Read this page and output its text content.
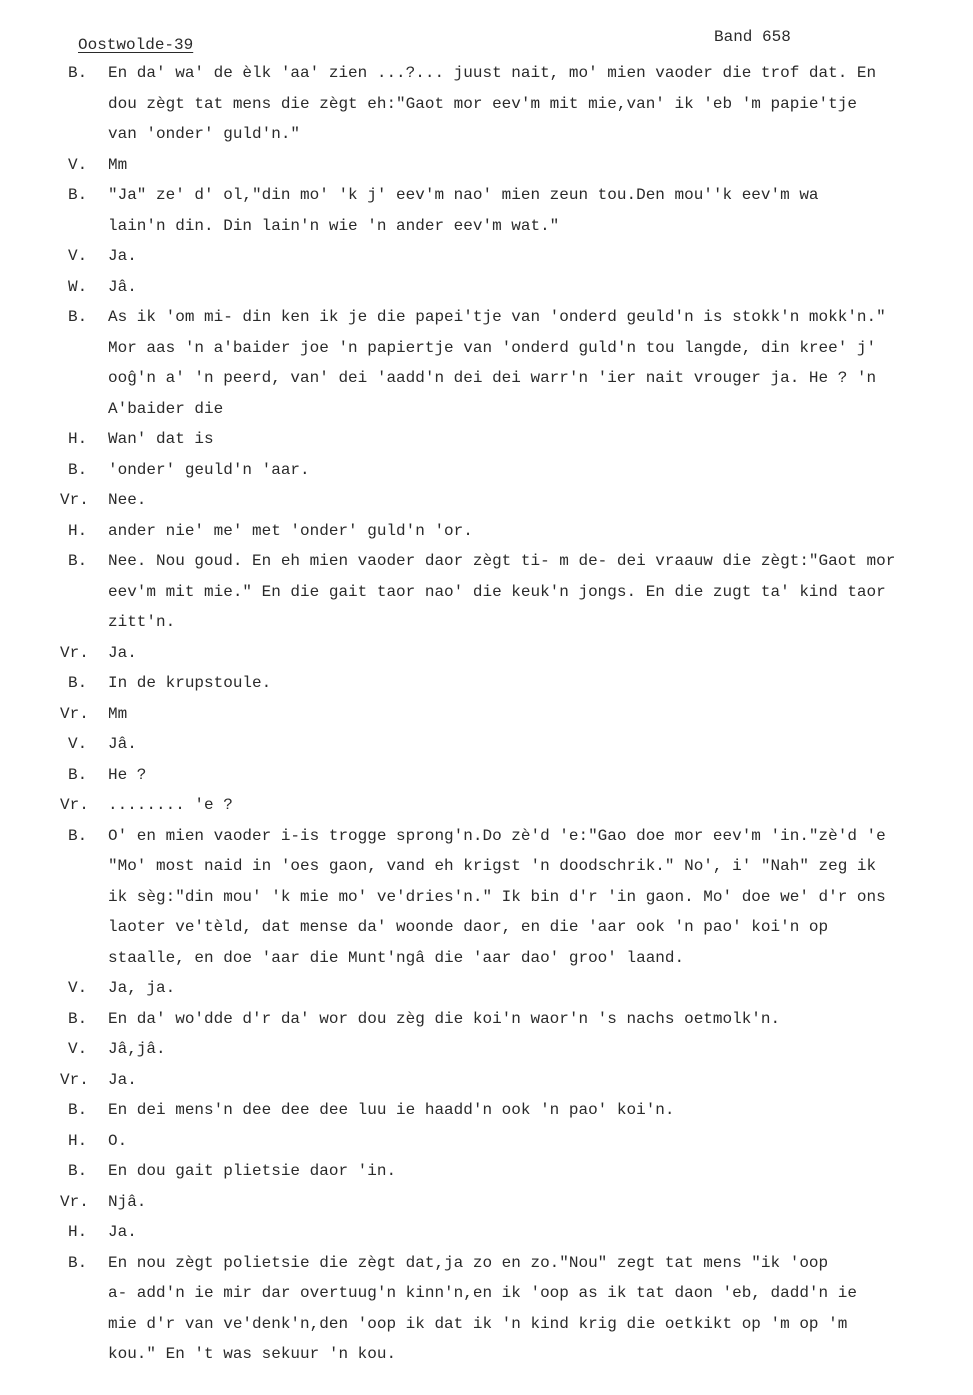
Oostwolde-39	Band 658
B.	En da' wa' de èlk 'aa' zien ...?... juust nait, mo' mien vaoder die trof dat. En
dou zègt tat mens die zègt eh:"Gaot mor eev'm mit mie,van' ik 'eb 'm papie'tje
van 'onder' guld'n."
V.	Mm
B.	"Ja" ze' d' ol,"din mo' 'k j' eev'm nao' mien zeun tou.Den mou''k eev'm wa
lain'n din. Din lain'n wie 'n ander eev'm wat."
V.	Ja.
W.	Jâ.
B.	As ik 'om mi- din ken ik je die papei'tje van 'onderd geuld'n is stokk'n mokk'n."
Mor aas 'n a'baider joe 'n papiertje van 'onderd guld'n tou langde, din kree' j'
ooĝ'n a' 'n peerd, van' dei 'aadd'n dei dei warr'n 'ier nait vrouger ja. He ? 'n
A'baider die
H.	Wan' dat is
B.	'onder' geuld'n 'aar.
Vr.	Nee.
H.	ander nie' me' met 'onder' guld'n 'or.
B.	Nee. Nou goud. En eh mien vaoder daor zègt ti- m de- dei vraauw die zègt:"Gaot mor
eev'm mit mie." En die gait taor nao' die keuk'n jongs. En die zugt ta' kind taor
zitt'n.
Vr.	Ja.
B.	In de krupstoule.
Vr.	Mm
V.	Jâ.
B.	He ?
Vr.	........ 'e ?
B.	O' en mien vaoder i-is trogge sprong'n.Do zè'd 'e:"Gao doe mor eev'm 'in."zè'd 'e
"Mo' most naid in 'oes gaon, vand eh krigst 'n doodschrik." No', i' "Nah" zeg ik
ik sèg:"din mou' 'k mie mo' ve'dries'n." Ik bin d'r 'in gaon. Mo' doe we' d'r ons
laoter ve'tèld, dat mense da' woonde daor, en die 'aar ook 'n pao' koi'n op
staalle, en doe 'aar die Munt'ngâ die 'aar dao' groo' laand.
V.	Ja, ja.
B.	En da' wo'dde d'r da' wor dou zèg die koi'n waor'n 's nachs oetmolk'n.
V.	Jâ,jâ.
Vr.	Ja.
B.	En dei mens'n dee dee dee luu ie haadd'n ook 'n pao' koi'n.
H.	O.
B.	En dou gait plietsie daor 'in.
Vr.	Njâ.
H.	Ja.
B.	En nou zègt polietsie die zègt dat,ja zo en zo."Nou" zegt tat mens "ik 'oop
a- add'n ie mir dar overtuug'n kinn'n,en ik 'oop as ik tat daon 'eb, dadd'n ie
mie d'r van ve'denk'n,den 'oop ik dat ik 'n kind krig die oetkikt op 'm op 'm
kou." En 't was sekuur 'n kou.
